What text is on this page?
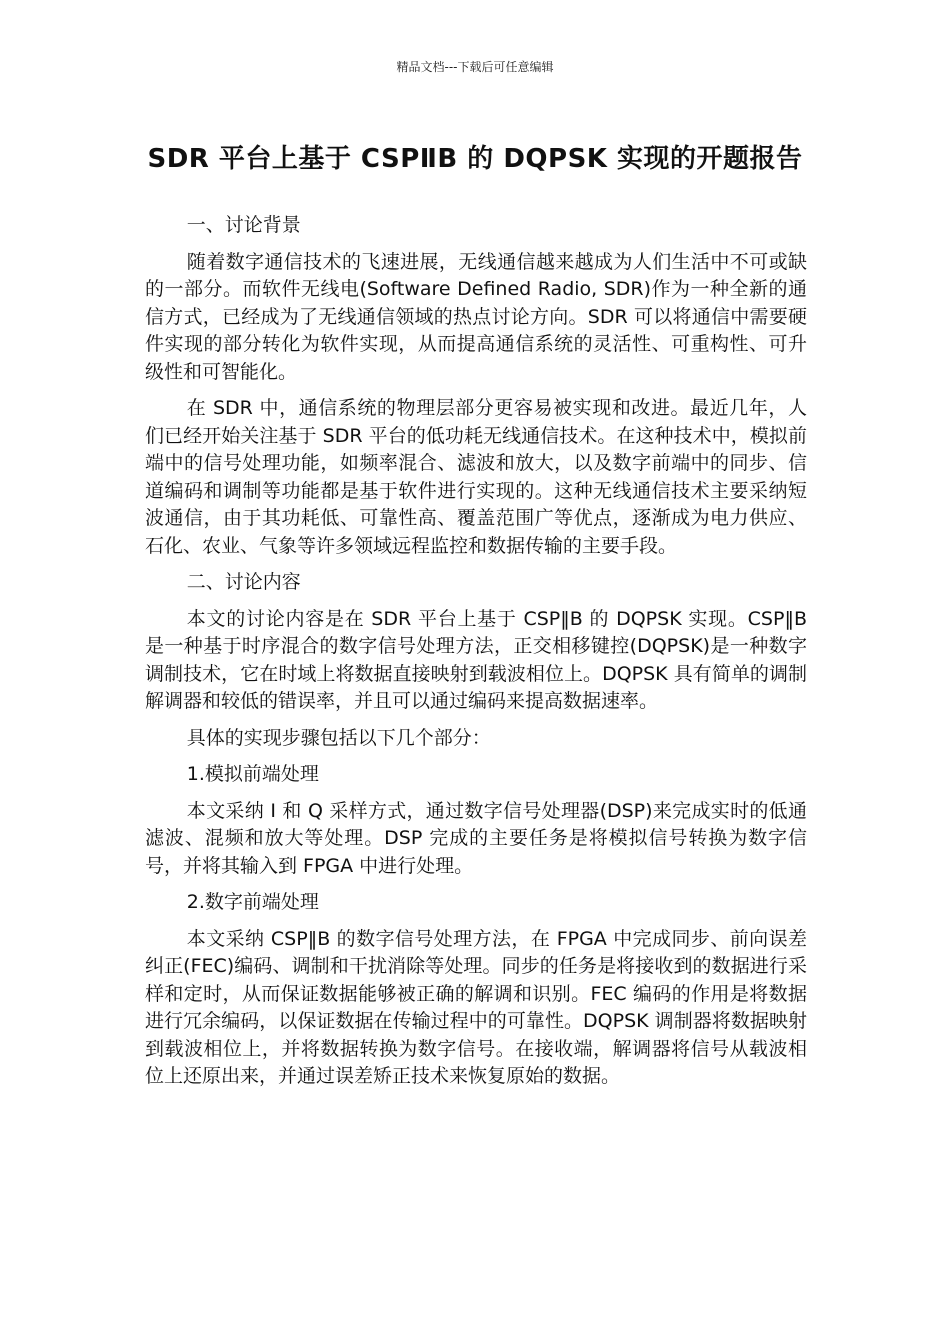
精品文档---下载后可任意编辑
SDR 平台上基于 CSPⅡB 的 DQPSK 实现的开题报告

一、讨论背景

随着数字通信技术的飞速进展，无线通信越来越成为人们生活中不可或缺的一部分。而软件无线电(Software Defined Radio, SDR)作为一种全新的通信方式，已经成为了无线通信领域的热点讨论方向。SDR 可以将通信中需要硬件实现的部分转化为软件实现，从而提高通信系统的灵活性、可重构性、可升级性和可智能化。

在 SDR 中，通信系统的物理层部分更容易被实现和改进。最近几年，人们已经开始关注基于 SDR 平台的低功耗无线通信技术。在这种技术中，模拟前端中的信号处理功能，如频率混合、滤波和放大，以及数字前端中的同步、信道编码和调制等功能都是基于软件进行实现的。这种无线通信技术主要采纳短波通信，由于其功耗低、可靠性高、覆盖范围广等优点，逐渐成为电力供应、石化、农业、气象等许多领域远程监控和数据传输的主要手段。

二、讨论内容

本文的讨论内容是在 SDR 平台上基于 CSP‖B 的 DQPSK 实现。CSP‖B 是一种基于时序混合的数字信号处理方法，正交相移键控(DQPSK)是一种数字调制技术，它在时域上将数据直接映射到载波相位上。DQPSK 具有简单的调制解调器和较低的错误率，并且可以通过编码来提高数据速率。

具体的实现步骤包括以下几个部分：

1.模拟前端处理

本文采纳 I 和 Q 采样方式，通过数字信号处理器(DSP)来完成实时的低通滤波、混频和放大等处理。DSP 完成的主要任务是将模拟信号转换为数字信号，并将其输入到 FPGA 中进行处理。

2.数字前端处理

本文采纳 CSP‖B 的数字信号处理方法，在 FPGA 中完成同步、前向误差纠正(FEC)编码、调制和干扰消除等处理。同步的任务是将接收到的数据进行采样和定时，从而保证数据能够被正确的解调和识别。FEC 编码的作用是将数据进行冗余编码，以保证数据在传输过程中的可靠性。DQPSK 调制器将数据映射到载波相位上，并将数据转换为数字信号。在接收端，解调器将信号从载波相位上还原出来，并通过误差矫正技术来恢复原始的数据。
